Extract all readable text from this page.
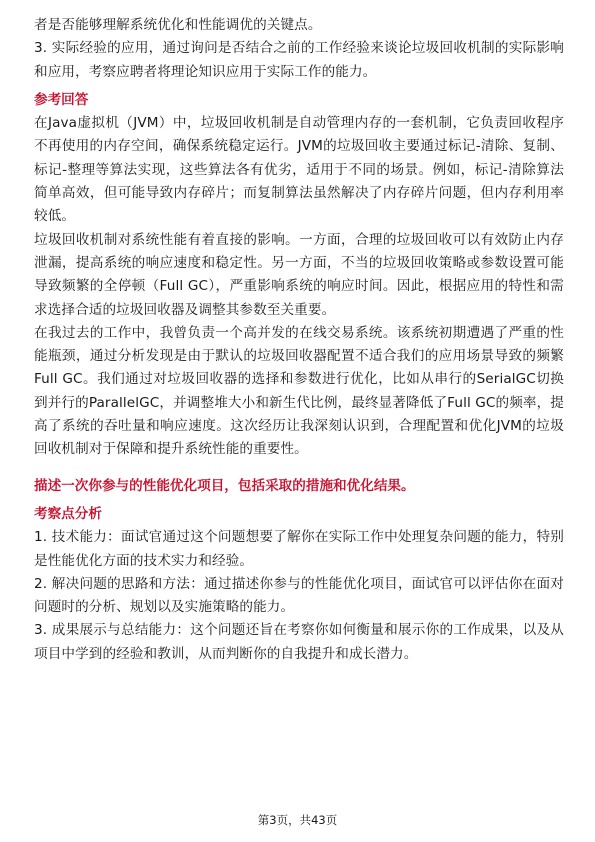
者是否能够理解系统优化和性能调优的关键点。

3. 实际经验的应用，通过询问是否结合之前的工作经验来谈论垃圾回收机制的实际影响和应用，考察应聘者将理论知识应用于实际工作的能力。

参考回答

在Java虚拟机（JVM）中，垃圾回收机制是自动管理内存的一套机制，它负责回收程序不再使用的内存空间，确保系统稳定运行。JVM的垃圾回收主要通过标记-清除、复制、标记-整理等算法实现，这些算法各有优劣，适用于不同的场景。例如，标记-清除算法简单高效，但可能导致内存碎片；而复制算法虽然解决了内存碎片问题，但内存利用率较低。

垃圾回收机制对系统性能有着直接的影响。一方面，合理的垃圾回收可以有效防止内存泄漏，提高系统的响应速度和稳定性。另一方面，不当的垃圾回收策略或参数设置可能导致频繁的全停顿（Full GC），严重影响系统的响应时间。因此，根据应用的特性和需求选择合适的垃圾回收器及调整其参数至关重要。

在我过去的工作中，我曾负责一个高并发的在线交易系统。该系统初期遭遇了严重的性能瓶颈，通过分析发现是由于默认的垃圾回收器配置不适合我们的应用场景导致的频繁Full GC。我们通过对垃圾回收器的选择和参数进行优化，比如从串行的SerialGC切换到并行的ParallelGC，并调整堆大小和新生代比例，最终显著降低了Full GC的频率，提高了系统的吞吐量和响应速度。这次经历让我深刻认识到，合理配置和优化JVM的垃圾回收机制对于保障和提升系统性能的重要性。

描述一次你参与的性能优化项目，包括采取的措施和优化结果。

考察点分析

1. 技术能力：面试官通过这个问题想要了解你在实际工作中处理复杂问题的能力，特别是性能优化方面的技术实力和经验。

2. 解决问题的思路和方法：通过描述你参与的性能优化项目，面试官可以评估你在面对问题时的分析、规划以及实施策略的能力。

3. 成果展示与总结能力：这个问题还旨在考察你如何衡量和展示你的工作成果，以及从项目中学到的经验和教训，从而判断你的自我提升和成长潜力。

第3页，共43页
